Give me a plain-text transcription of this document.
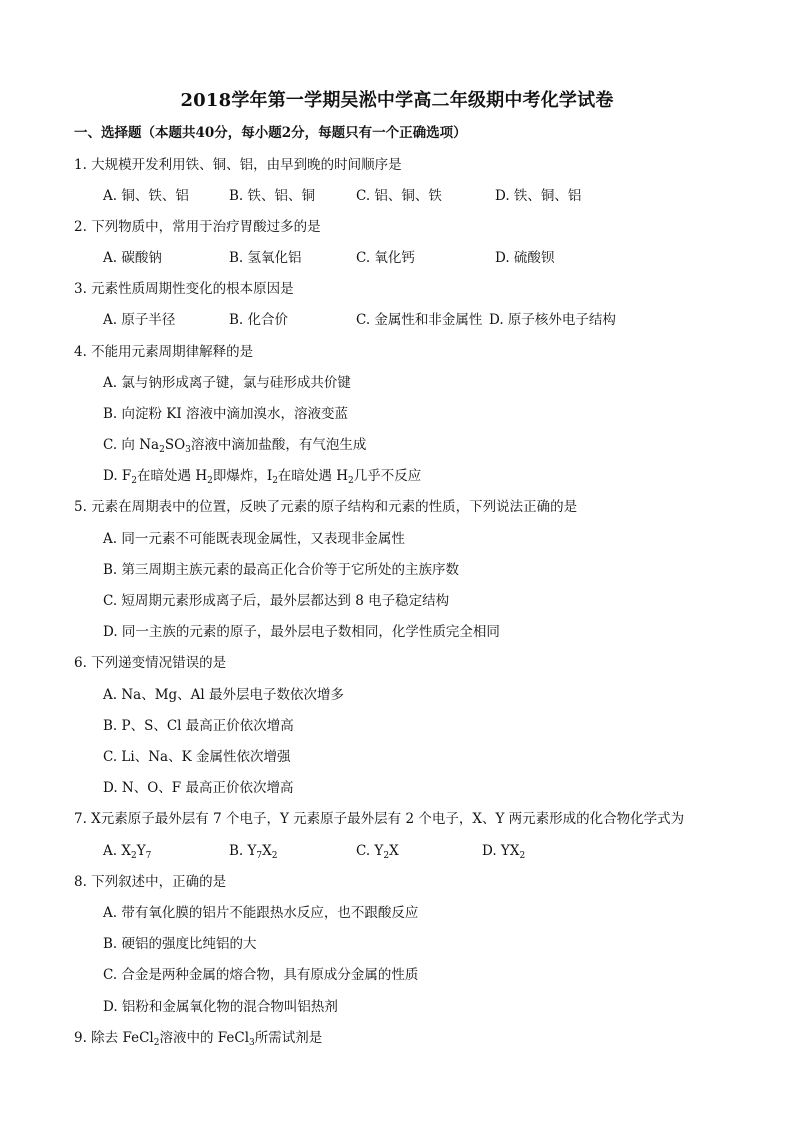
2018学年第一学期吴淞中学高二年级期中考化学试卷
一、选择题（本题共40分，每小题2分，每题只有一个正确选项）
1. 大规模开发利用铁、铜、铝，由早到晚的时间顺序是
A. 铜、铁、铝	B. 铁、铝、铜	C. 铝、铜、铁	D. 铁、铜、铝
2. 下列物质中，常用于治疗胃酸过多的是
A. 碳酸钠	B. 氢氧化铝	C. 氧化钙	D. 硫酸钡
3. 元素性质周期性变化的根本原因是
A. 原子半径	B. 化合价	C. 金属性和非金属性 D. 原子核外电子结构
4. 不能用元素周期律解释的是
A. 氯与钠形成离子键，氯与硅形成共价键
B. 向淀粉 KI 溶液中滴加溴水，溶液变蓝
C. 向 $Na_2SO_3$溶液中滴加盐酸，有气泡生成
D. $F_2$在暗处遇 $H_2$即爆炸，$I_2$在暗处遇 $H_2$几乎不反应
5. 元素在周期表中的位置，反映了元素的原子结构和元素的性质，下列说法正确的是
A. 同一元素不可能既表现金属性，又表现非金属性
B. 第三周期主族元素的最高正化合价等于它所处的主族序数
C. 短周期元素形成离子后，最外层都达到 8 电子稳定结构
D. 同一主族的元素的原子，最外层电子数相同，化学性质完全相同
6. 下列递变情况错误的是
A. Na、Mg、Al 最外层电子数依次增多
B. P、S、Cl 最高正价依次增高
C. Li、Na、K 金属性依次增强
D. N、O、F 最高正价依次增高
7. X元素原子最外层有 7 个电子，Y 元素原子最外层有 2 个电子，X、Y 两元素形成的化合物化学式为
A. $X_2Y_7$	B. $Y_7X_2$	C. $Y_2X$	D. $YX_2$
8. 下列叙述中，正确的是
A. 带有氧化膜的铝片不能跟热水反应，也不跟酸反应
B. 硬铝的强度比纯铝的大
C. 合金是两种金属的熔合物，具有原成分金属的性质
D. 铝粉和金属氧化物的混合物叫铝热剂
9. 除去 FeCl$_2$溶液中的 FeCl$_3$所需试剂是
